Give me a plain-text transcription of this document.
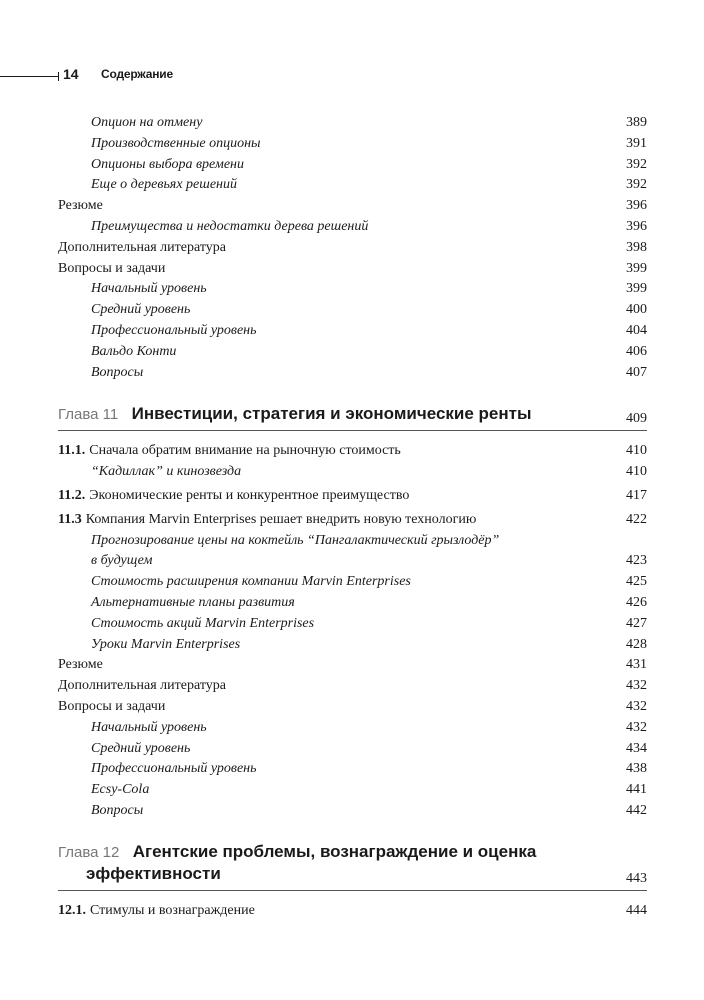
14 Содержание
Опцион на отмену	389
Производственные опционы	391
Опционы выбора времени	392
Еще о деревьях решений	392
Резюме	396
Преимущества и недостатки дерева решений	396
Дополнительная литература	398
Вопросы и задачи	399
Начальный уровень	399
Средний уровень	400
Профессиональный уровень	404
Вальдо Конти	406
Вопросы	407
Глава 11 Инвестиции, стратегия и экономические ренты	409
11.1. Сначала обратим внимание на рыночную стоимость	410
“Кадиллак” и кинозвезда	410
11.2. Экономические ренты и конкурентное преимущество	417
11.3 Компания Marvin Enterprises решает внедрить новую технологию	422
Прогнозирование цены на коктейль “Пангалактический грызлодёр”
в будущем	423
Стоимость расширения компании Marvin Enterprises	425
Альтернативные планы развития	426
Стоимость акций Marvin Enterprises	427
Уроки Marvin Enterprises	428
Резюме	431
Дополнительная литература	432
Вопросы и задачи	432
Начальный уровень	432
Средний уровень	434
Профессиональный уровень	438
Ecsy-Cola	441
Вопросы	442
Глава 12 Агентские проблемы, вознаграждение и оценка
эффективности	443
12.1. Стимулы и вознаграждение	444
